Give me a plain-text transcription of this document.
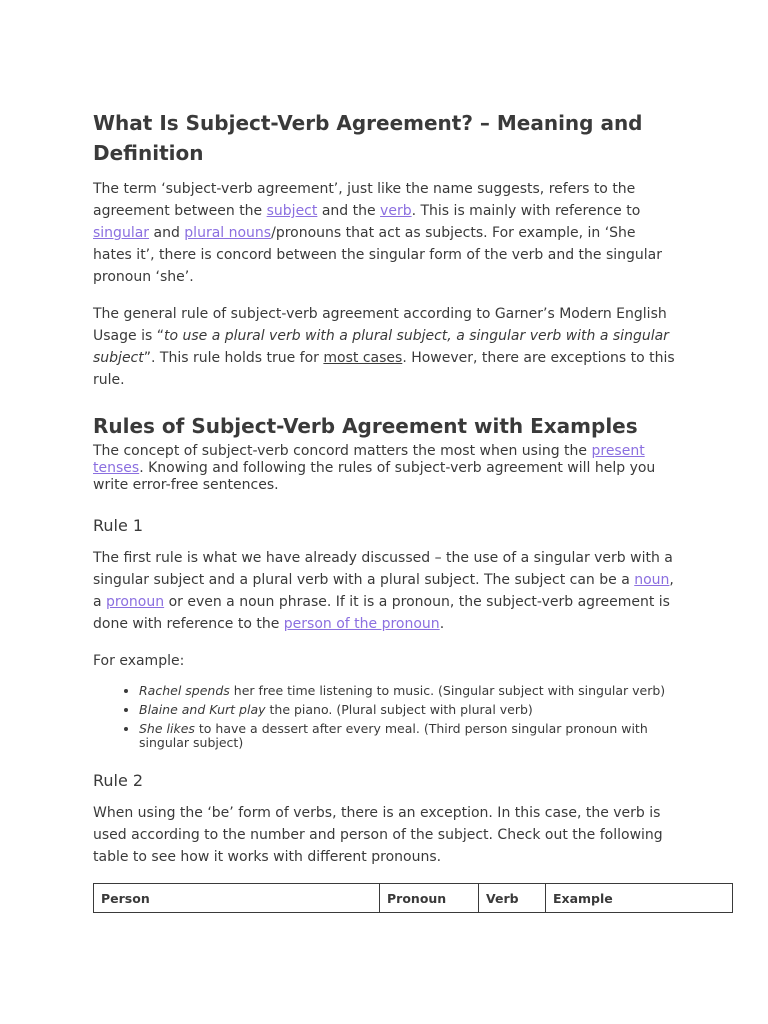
What Is Subject-Verb Agreement? – Meaning and Definition

The term ‘subject-verb agreement’, just like the name suggests, refers to the agreement between the subject and the verb. This is mainly with reference to singular and plural nouns/pronouns that act as subjects. For example, in ‘She hates it’, there is concord between the singular form of the verb and the singular pronoun ‘she’.

The general rule of subject-verb agreement according to Garner’s Modern English Usage is “to use a plural verb with a plural subject, a singular verb with a singular subject”. This rule holds true for most cases. However, there are exceptions to this rule.

Rules of Subject-Verb Agreement with Examples

The concept of subject-verb concord matters the most when using the present tenses. Knowing and following the rules of subject-verb agreement will help you write error-free sentences.

Rule 1

The first rule is what we have already discussed – the use of a singular verb with a singular subject and a plural verb with a plural subject. The subject can be a noun, a pronoun or even a noun phrase. If it is a pronoun, the subject-verb agreement is done with reference to the person of the pronoun.

For example:

• Rachel spends her free time listening to music. (Singular subject with singular verb)
• Blaine and Kurt play the piano. (Plural subject with plural verb)
• She likes to have a dessert after every meal. (Third person singular pronoun with singular subject)
Rule 2

When using the ‘be’ form of verbs, there is an exception. In this case, the verb is used according to the number and person of the subject. Check out the following table to see how it works with different pronouns.

Person	Pronoun	Verb	Example
